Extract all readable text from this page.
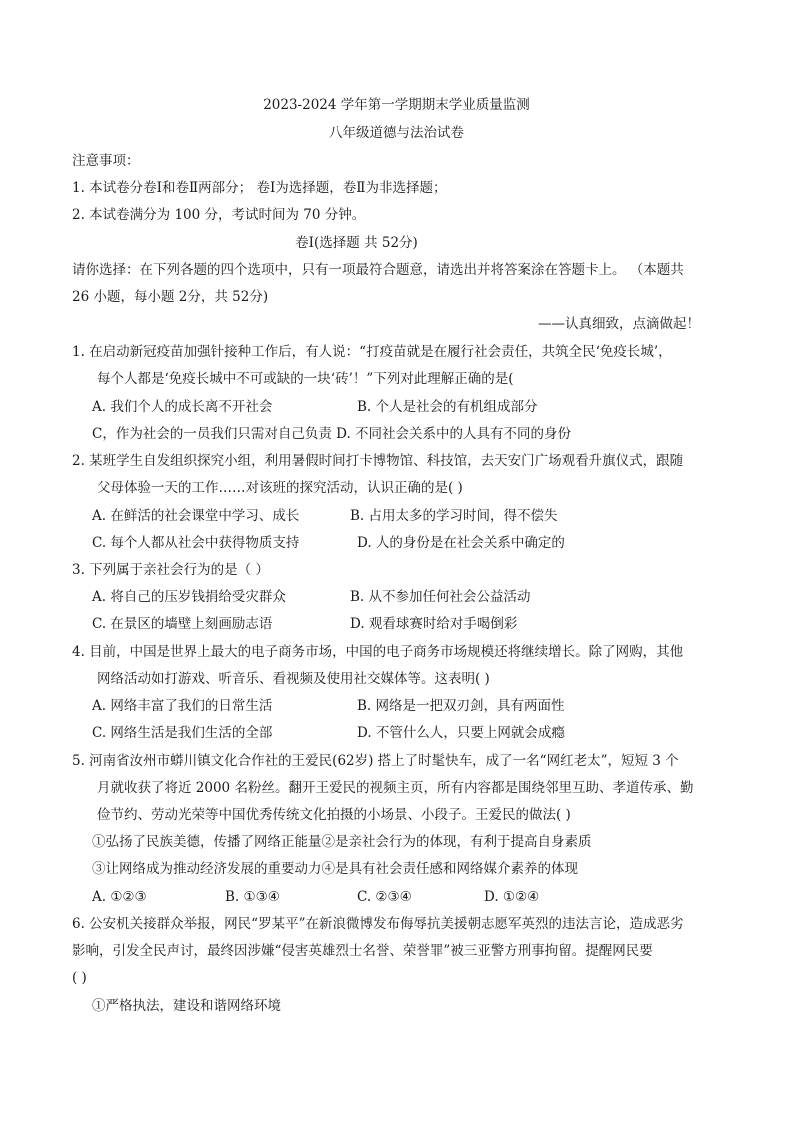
2023-2024 学年第一学期期末学业质量监测
八年级道德与法治试卷
注意事项：
1. 本试卷分卷Ⅰ和卷Ⅱ两部分； 卷Ⅰ为选择题，卷Ⅱ为非选择题；
2. 本试卷满分为 100 分，考试时间为 70 分钟。
卷Ⅰ(选择题 共 52分)
请你选择：在下列各题的四个选项中，只有一项最符合题意，请选出并将答案涂在答题卡上。 （本题共
26 小题，每小题 2分，共 52分)
——认真细致，点滴做起！
1. 在启动新冠疫苗加强针接种工作后，有人说：“打疫苗就是在履行社会责任，共筑全民‘免疫长城’，
每个人都是‘免疫长城中不可或缺的一块‘砖’！”下列对此理解正确的是(
A. 我们个人的成长离不开社会	B. 个人是社会的有机组成部分
C，作为社会的一员我们只需对自己负责 D. 不同社会关系中的人具有不同的身份
2. 某班学生自发组织探究小组，利用暑假时间打卡博物馆、科技馆，去天安门广场观看升旗仪式，跟随
父母体验一天的工作……对该班的探究活动，认识正确的是( )
A. 在鲜活的社会课堂中学习、成长	B. 占用太多的学习时间，得不偿失
C. 每个人都从社会中获得物质支持	D. 人的身份是在社会关系中确定的
3. 下列属于亲社会行为的是（ ）
A. 将自己的压岁钱捐给受灾群众	B. 从不参加任何社会公益活动
C. 在景区的墙壁上刻画励志语	D. 观看球赛时给对手喝倒彩
4. 目前，中国是世界上最大的电子商务市场，中国的电子商务市场规模还将继续增长。除了网购，其他
网络活动如打游戏、听音乐、看视频及使用社交媒体等。这表明( )
A. 网络丰富了我们的日常生活	B. 网络是一把双刃剑，具有两面性
C. 网络生活是我们生活的全部	D. 不管什么人，只要上网就会成瘾
5. 河南省汝州市蟒川镇文化合作社的王爱民(62岁) 搭上了时髦快车，成了一名“网红老太”，短短 3 个
月就收获了将近 2000 名粉丝。翻开王爱民的视频主页，所有内容都是围绕邻里互助、孝道传承、勤
俭节约、劳动光荣等中国优秀传统文化拍摄的小场景、小段子。王爱民的做法( )
①弘扬了民族美德，传播了网络正能量②是亲社会行为的体现，有利于提高自身素质
③让网络成为推动经济发展的重要动力④是具有社会责任感和网络媒介素养的体现
A. ①②③	B. ①③④	C. ②③④	D. ①②④
6. 公安机关接群众举报，网民“罗某平”在新浪微博发布侮辱抗美援朝志愿军英烈的违法言论，造成恶劣
影响，引发全民声讨，最终因涉嫌“侵害英雄烈士名誉、荣誉罪”被三亚警方刑事拘留。提醒网民要
( )
①严格执法，建设和谐网络环境
